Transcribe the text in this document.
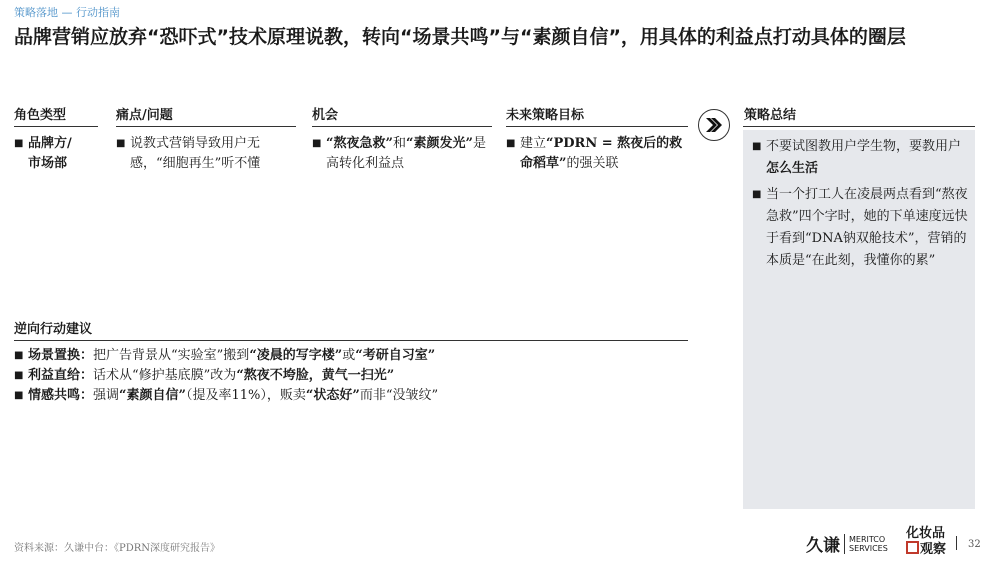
策略落地 — 行动指南
品牌营销应放弃“恐吓式”技术原理说教，转向“场景共鸣”与“素颜自信”，用具体的利益点打动具体的圈层
角色类型
■ 品牌方/
市场部
痛点/问题
■ 说教式营销导致用户无感，“细胞再生”听不懂
机会
■ “熬夜急救”和“素颜发光”是高转化利益点
未来策略目标
■ 建立“PDRN = 熬夜后的救命稻草”的强关联
策略总结
■ 不要试图教用户学生物，要教用户怎么生活
■ 当一个打工人在凌晨两点看到“熬夜急救”四个字时，她的下单速度远快于看到“DNA钠双舱技术”，营销的本质是“在此刻，我懂你的累”
逆向行动建议
■ 场景置换：把广告背景从“实验室”搬到“凌晨的写字楼”或“考研自习室”
■ 利益直给：话术从“修护基底膜”改为“熬夜不垮脸，黄气一扫光”
■ 情感共鸣：强调“素颜自信”（提及率11%），贩卖“状态好”而非“没皱纹”
资料来源：久谦中台：《PDRN深度研究报告》	久谦 MERITCO
SERVICES
化妆品
观察 32
